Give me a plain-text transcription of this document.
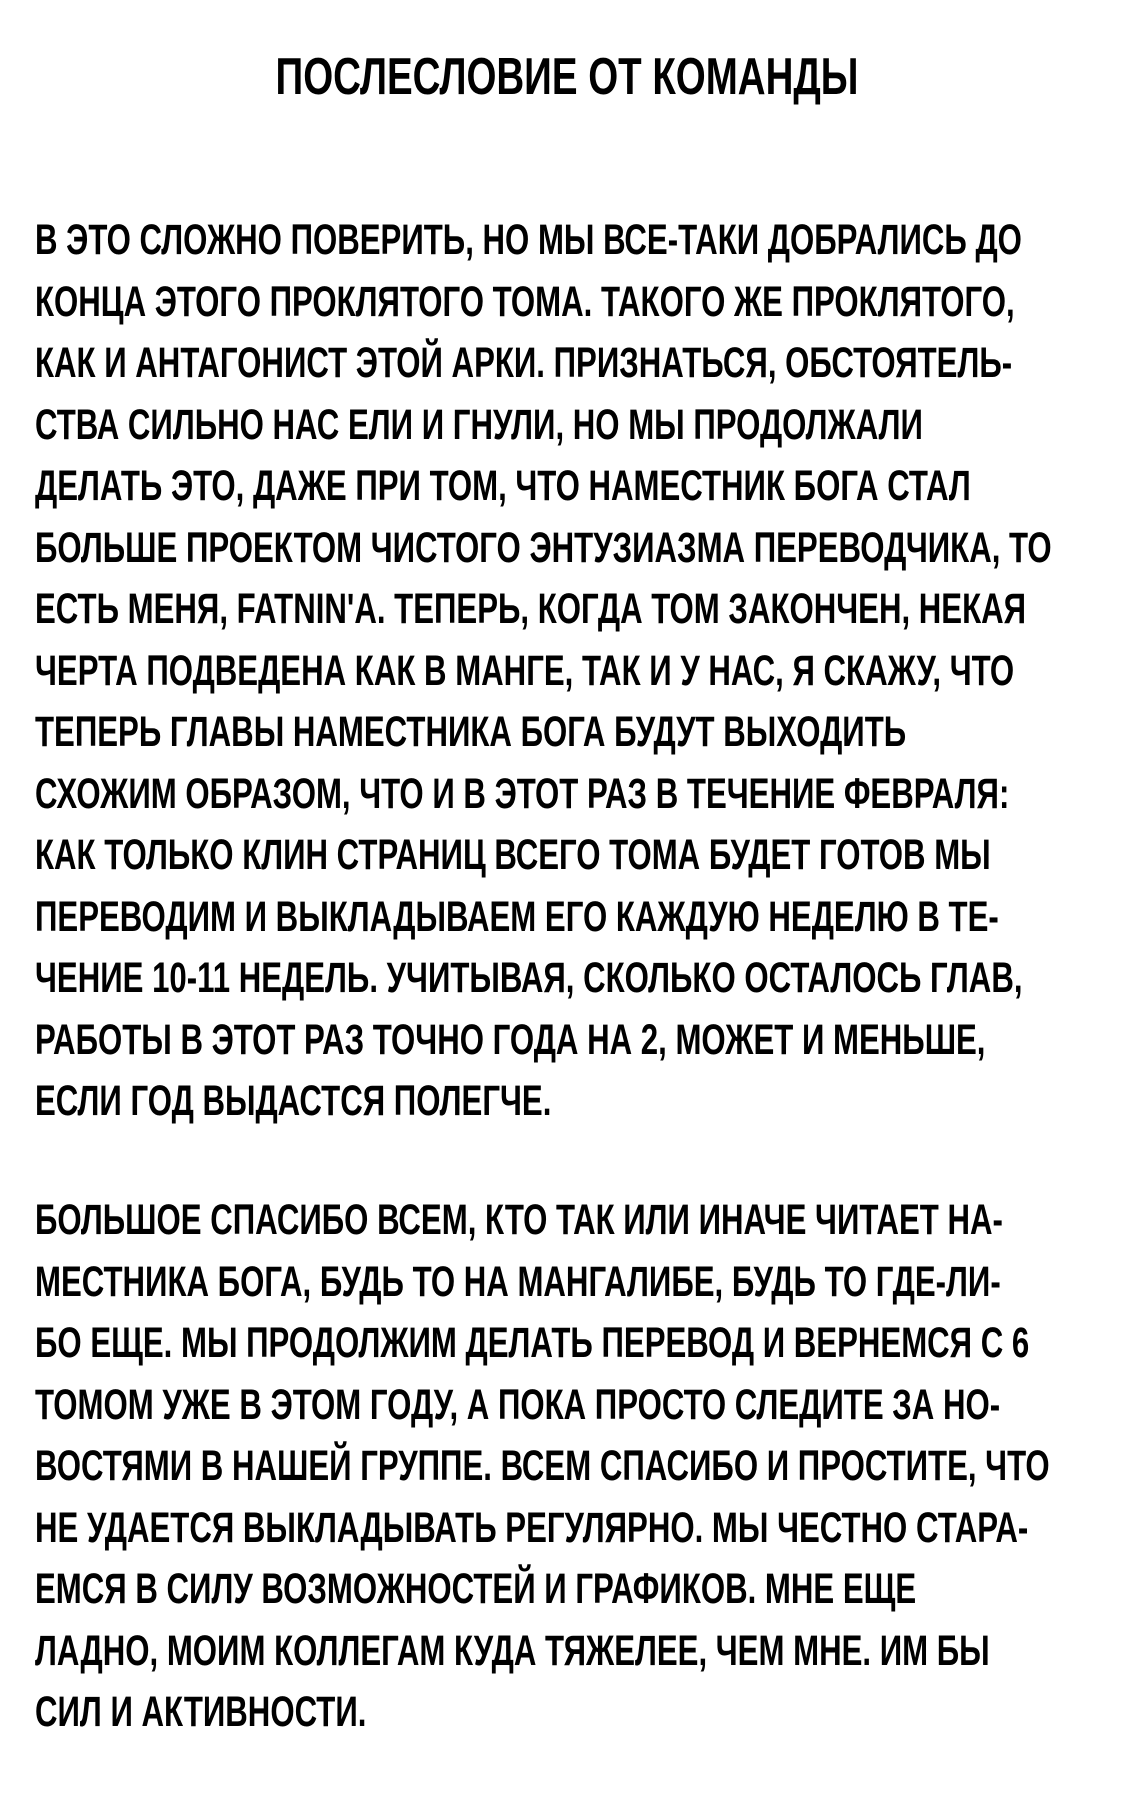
ПОСЛЕСЛОВИЕ ОТ КОМАНДЫ
В ЭТО СЛОЖНО ПОВЕРИТЬ, НО МЫ ВСЕ-ТАКИ ДОБРАЛИСЬ ДО
КОНЦА ЭТОГО ПРОКЛЯТОГО ТОМА. ТАКОГО ЖЕ ПРОКЛЯТОГО,
КАК И АНТАГОНИСТ ЭТОЙ АРКИ. ПРИЗНАТЬСЯ, ОБСТОЯТЕЛЬ-
СТВА СИЛЬНО НАС ЕЛИ И ГНУЛИ, НО МЫ ПРОДОЛЖАЛИ
ДЕЛАТЬ ЭТО, ДАЖЕ ПРИ ТОМ, ЧТО НАМЕСТНИК БОГА СТАЛ
БОЛЬШЕ ПРОЕКТОМ ЧИСТОГО ЭНТУЗИАЗМА ПЕРЕВОДЧИКА, ТО
ЕСТЬ МЕНЯ, FATNIN'А. ТЕПЕРЬ, КОГДА ТОМ ЗАКОНЧЕН, НЕКАЯ
ЧЕРТА ПОДВЕДЕНА КАК В МАНГЕ, ТАК И У НАС, Я СКАЖУ, ЧТО
ТЕПЕРЬ ГЛАВЫ НАМЕСТНИКА БОГА БУДУТ ВЫХОДИТЬ
СХОЖИМ ОБРАЗОМ, ЧТО И В ЭТОТ РАЗ В ТЕЧЕНИЕ ФЕВРАЛЯ:
КАК ТОЛЬКО КЛИН СТРАНИЦ ВСЕГО ТОМА БУДЕТ ГОТОВ МЫ
ПЕРЕВОДИМ И ВЫКЛАДЫВАЕМ ЕГО КАЖДУЮ НЕДЕЛЮ В ТЕ-
ЧЕНИЕ 10-11 НЕДЕЛЬ. УЧИТЫВАЯ, СКОЛЬКО ОСТАЛОСЬ ГЛАВ,
РАБОТЫ В ЭТОТ РАЗ ТОЧНО ГОДА НА 2, МОЖЕТ И МЕНЬШЕ,
ЕСЛИ ГОД ВЫДАСТСЯ ПОЛЕГЧЕ.
БОЛЬШОЕ СПАСИБО ВСЕМ, КТО ТАК ИЛИ ИНАЧЕ ЧИТАЕТ НА-
МЕСТНИКА БОГА, БУДЬ ТО НА МАНГАЛИБЕ, БУДЬ ТО ГДЕ-ЛИ-
БО ЕЩЕ. МЫ ПРОДОЛЖИМ ДЕЛАТЬ ПЕРЕВОД И ВЕРНЕМСЯ С 6
ТОМОМ УЖЕ В ЭТОМ ГОДУ, А ПОКА ПРОСТО СЛЕДИТЕ ЗА НО-
ВОСТЯМИ В НАШЕЙ ГРУППЕ. ВСЕМ СПАСИБО И ПРОСТИТЕ, ЧТО
НЕ УДАЕТСЯ ВЫКЛАДЫВАТЬ РЕГУЛЯРНО. МЫ ЧЕСТНО СТАРА-
ЕМСЯ В СИЛУ ВОЗМОЖНОСТЕЙ И ГРАФИКОВ. МНЕ ЕЩЕ
ЛАДНО, МОИМ КОЛЛЕГАМ КУДА ТЯЖЕЛЕЕ, ЧЕМ МНЕ. ИМ БЫ
СИЛ И АКТИВНОСТИ.
